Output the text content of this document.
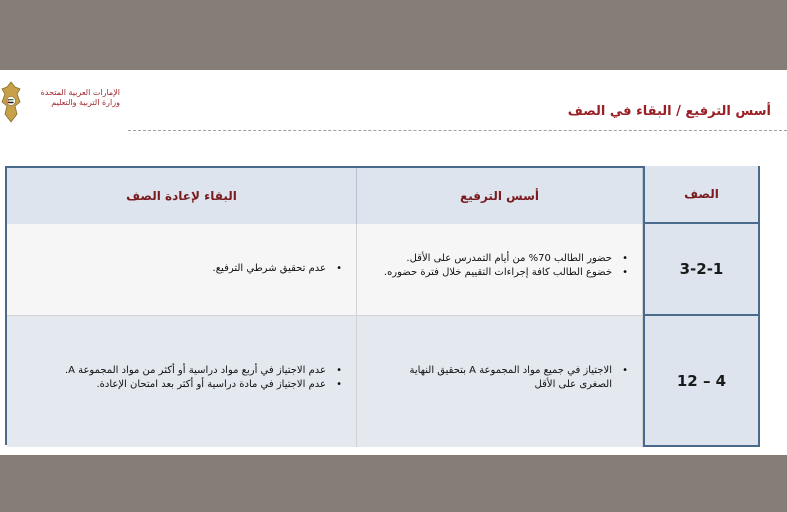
الإمارات العربية المتحدة
وزارة التربية والتعليم
أسس الترفيع / البقاء في الصف
البقاء لإعادة الصف	أسس الترفيع	الصف
3-2-1
12 – 4
• عدم تحقيق شرطي الترفيع.
• حضور الطالب 70% من أيام التمدرس على الأقل.
• خضوع الطالب كافة إجراءات التقييم خلال فترة حضوره.
• عدم الاجتياز في أربع مواد دراسية أو أكثر من مواد المجموعة A.
• عدم الاجتياز في مادة دراسية أو أكثر بعد امتحان الإعادة.
• الاجتياز في جميع مواد المجموعة A بتحقيق النهاية الصغرى على الأقل
